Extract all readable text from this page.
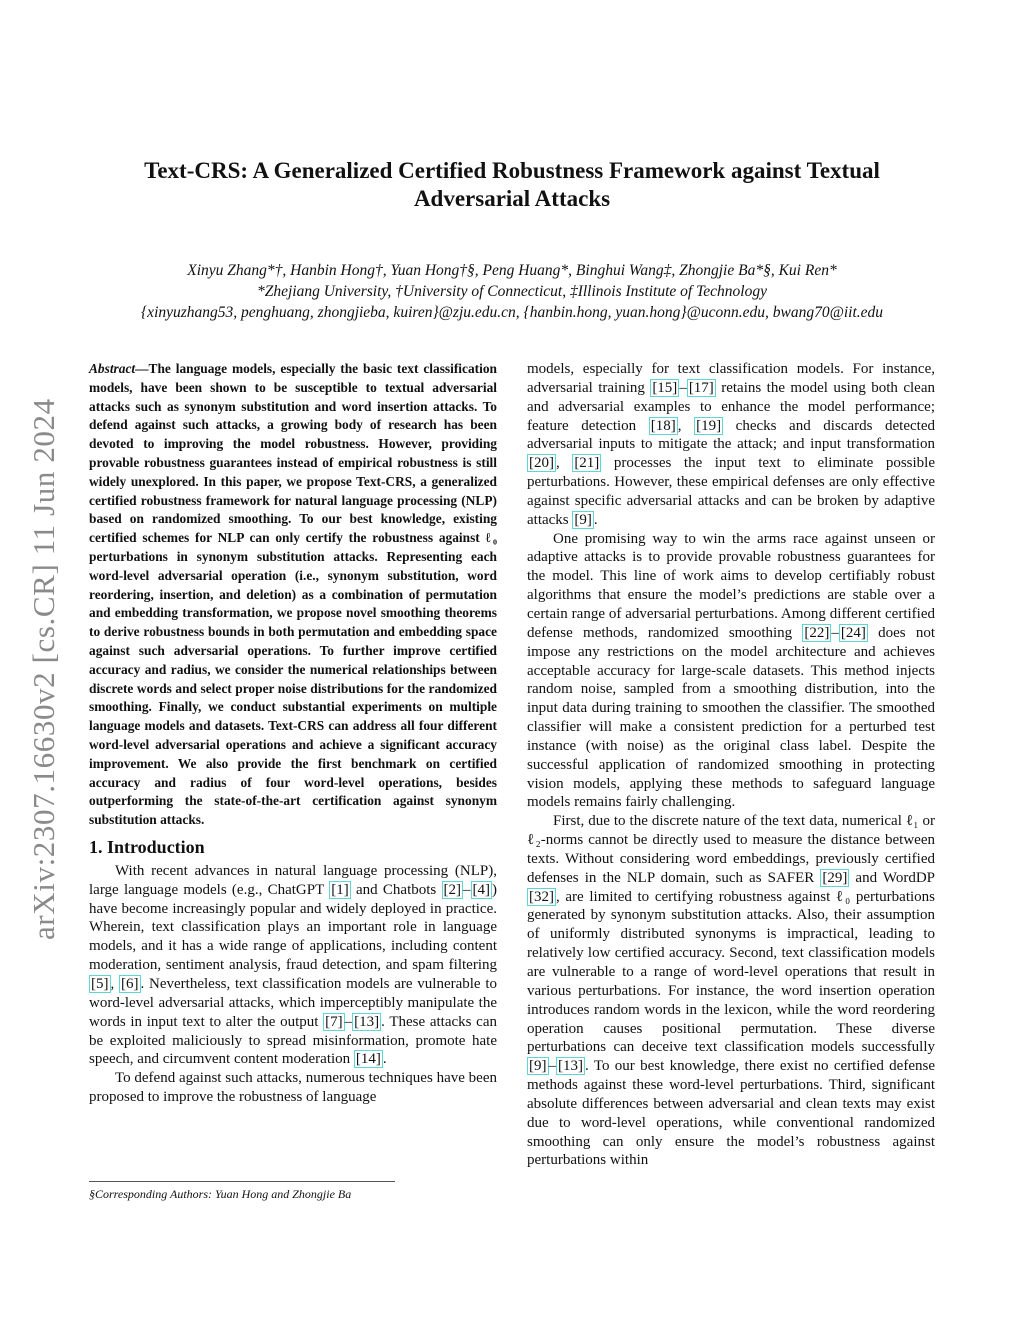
arXiv:2307.16630v2 [cs.CR] 11 Jun 2024
Text-CRS: A Generalized Certified Robustness Framework against Textual Adversarial Attacks
Xinyu Zhang*†, Hanbin Hong†, Yuan Hong†§, Peng Huang*, Binghui Wang‡, Zhongjie Ba*§, Kui Ren*
*Zhejiang University, †University of Connecticut, ‡Illinois Institute of Technology
{xinyuzhang53, penghuang, zhongjieba, kuiren}@zju.edu.cn, {hanbin.hong, yuan.hong}@uconn.edu, bwang70@iit.edu

Abstract—The language models, especially the basic text classification models, have been shown to be susceptible to textual adversarial attacks such as synonym substitution and word insertion attacks. To defend against such attacks, a growing body of research has been devoted to improving the model robustness. However, providing provable robustness guarantees instead of empirical robustness is still widely unexplored. In this paper, we propose Text-CRS, a generalized certified robustness framework for natural language processing (NLP) based on randomized smoothing. To our best knowledge, existing certified schemes for NLP can only certify the robustness against ℓ₀ perturbations in synonym substitution attacks. Representing each word-level adversarial operation (i.e., synonym substitution, word reordering, insertion, and deletion) as a combination of permutation and embedding transformation, we propose novel smoothing theorems to derive robustness bounds in both permutation and embedding space against such adversarial operations. To further improve certified accuracy and radius, we consider the numerical relationships between discrete words and select proper noise distributions for the randomized smoothing. Finally, we conduct substantial experiments on multiple language models and datasets. Text-CRS can address all four different word-level adversarial operations and achieve a significant accuracy improvement. We also provide the first benchmark on certified accuracy and radius of four word-level operations, besides outperforming the state-of-the-art certification against synonym substitution attacks.

1. Introduction

With recent advances in natural language processing (NLP), large language models (e.g., ChatGPT [1] and Chatbots [2] – [4] ) have become increasingly popular and widely deployed in practice. Wherein, text classification plays an important role in language models, and it has a wide range of applications, including content moderation, sentiment analysis, fraud detection, and spam filtering [5] , [6] . Nevertheless, text classification models are vulnerable to word-level adversarial attacks, which imperceptibly manipulate the words in input text to alter the output [7] – [13] . These attacks can be exploited maliciously to spread misinformation, promote hate speech, and circumvent content moderation [14] .

To defend against such attacks, numerous techniques have been proposed to improve the robustness of language

models, especially for text classification models. For instance, adversarial training [15] – [17] retains the model using both clean and adversarial examples to enhance the model performance; feature detection [18] , [19] checks and discards detected adversarial inputs to mitigate the attack; and input transformation [20] , [21] processes the input text to eliminate possible perturbations. However, these empirical defenses are only effective against specific adversarial attacks and can be broken by adaptive attacks [9] .

One promising way to win the arms race against unseen or adaptive attacks is to provide provable robustness guarantees for the model. This line of work aims to develop certifiably robust algorithms that ensure the model’s predictions are stable over a certain range of adversarial perturbations. Among different certified defense methods, randomized smoothing [22] – [24] does not impose any restrictions on the model architecture and achieves acceptable accuracy for large-scale datasets. This method injects random noise, sampled from a smoothing distribution, into the input data during training to smoothen the classifier. The smoothed classifier will make a consistent prediction for a perturbed test instance (with noise) as the original class label. Despite the successful application of randomized smoothing in protecting vision models, applying these methods to safeguard language models remains fairly challenging.

First, due to the discrete nature of the text data, numerical ℓ₁ or ℓ₂-norms cannot be directly used to measure the distance between texts. Without considering word embeddings, previously certified defenses in the NLP domain, such as SAFER [29] and WordDP [32] , are limited to certifying robustness against ℓ₀ perturbations generated by synonym substitution attacks. Also, their assumption of uniformly distributed synonyms is impractical, leading to relatively low certified accuracy. Second, text classification models are vulnerable to a range of word-level operations that result in various perturbations. For instance, the word insertion operation introduces random words in the lexicon, while the word reordering operation causes positional permutation. These diverse perturbations can deceive text classification models successfully [9] – [13] . To our best knowledge, there exist no certified defense methods against these word-level perturbations. Third, significant absolute differences between adversarial and clean texts may exist due to word-level operations, while conventional randomized smoothing can only ensure the model’s robustness against perturbations within

§Corresponding Authors: Yuan Hong and Zhongjie Ba
